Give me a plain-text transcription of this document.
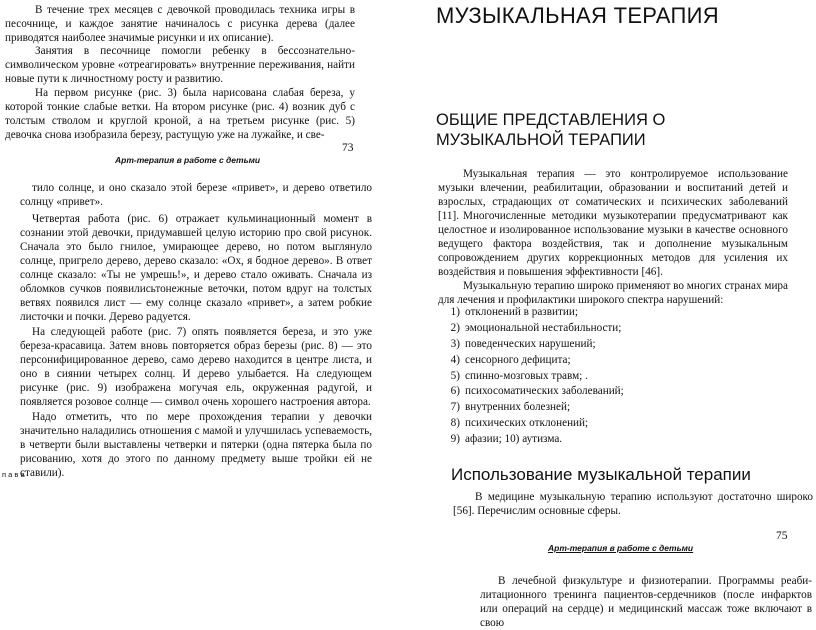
В течение трех месяцев с девочкой проводилась техника игры в песочнице, и каждое занятие начиналось с рисунка дерева (далее приводятся наиболее значимые рисунки и их описание).

Занятия в песочнице помогли ребенку в бессознательно-символическом уровне «отреагировать» внутренние переживания, найти новые пути к личностному росту и развитию.

На первом рисунке (рис. 3) была нарисована слабая береза, у которой тонкие слабые ветки. На втором рисунке (рис. 4) возник дуб с толстым стволом и круглой кроной, а на третьем рисунке (рис. 5) девочка снова изобразила березу, растущую уже на лужайке, и све-

73
Арт-терапия в работе с детьми

тило солнце, и оно сказало этой березе «привет», и дерево ответило солнцу «привет».

Четвертая работа (рис. 6) отражает кульминационный момент в сознании этой девочки, придумавшей целую историю про свой рисунок. Сначала это было гнилое, умирающее дерево, но потом выглянуло солнце, пригрело дерево, дерево сказало: «Ох, я бодное дерево». В ответ солнце сказало: «Ты не умрешь!», и дерево стало оживать. Сначала из обломков сучков появилисьтонежные веточки, потом вдруг на толстых ветвях появился лист — ему солнце сказало «привет», а затем робкие листочки и почки. Дерево радуется.

На следующей работе (рис. 7) опять появляется береза, и это уже береза-красавица. Затем вновь повторяется образ березы (рис. 8) — это персонифицированное дерево, само дерево находится в центре листа, и оно в сиянии четырех солнц. И дерево улыбается. На следующем рисунке (рис. 9) изображена могучая ель, окруженная радугой, и появляется розовое солнце — символ очень хорошего настроения автора.

Надо отметить, что по мере прохождения терапии у девочки значительно наладились отношения с мамой и улучшилась успеваемость, в четверти были выставлены четверки и пятерки (одна пятерка была по рисованию, хотя до этого по данному предмету выше тройки ей не ставили).

п а в а
МУЗЫКАЛЬНАЯ ТЕРАПИЯ
ОБЩИЕ ПРЕДСТАВЛЕНИЯ О МУЗЫКАЛЬНОЙ ТЕРАПИИ

Музыкальная терапия — это контролируемое использование музыки влечении, реабилитации, образовании и воспитаний детей и взрослых, страдающих от соматических и психических заболеваний [11]. Многочисленные методики музыкотерапии предусматривают как целостное и изолированное использование музыки в качестве основного ведущего фактора воздействия, так и дополнение музыкальным сопровождением других коррекционных методов для усиления их воздействия и повышения эффективности [46].

Музыкальную терапию широко применяют во многих странах мира для лечения и профилактики широкого спектра нарушений:

1) отклонений в развитии;
2) эмоциональной нестабильности;
3) поведенческих нарушений;
4) сенсорного дефицита;
5) спинно-мозговых травм; .
6) психосоматических заболеваний;
7) внутренних болезней;
8) психических отклонений;
9) афазии; 10) аутизма.
Использование музыкальной терапии

В медицине музыкальную терапию используют достаточно широко [56]. Перечислим основные сферы.

75
Арт-терапия в работе с детьми

В лечебной физкультуре и физиотерапии. Программы реаби-литационного тренинга пациентов-сердечников (после инфарктов или операций на сердце) и медицинский массаж тоже включают в свою
